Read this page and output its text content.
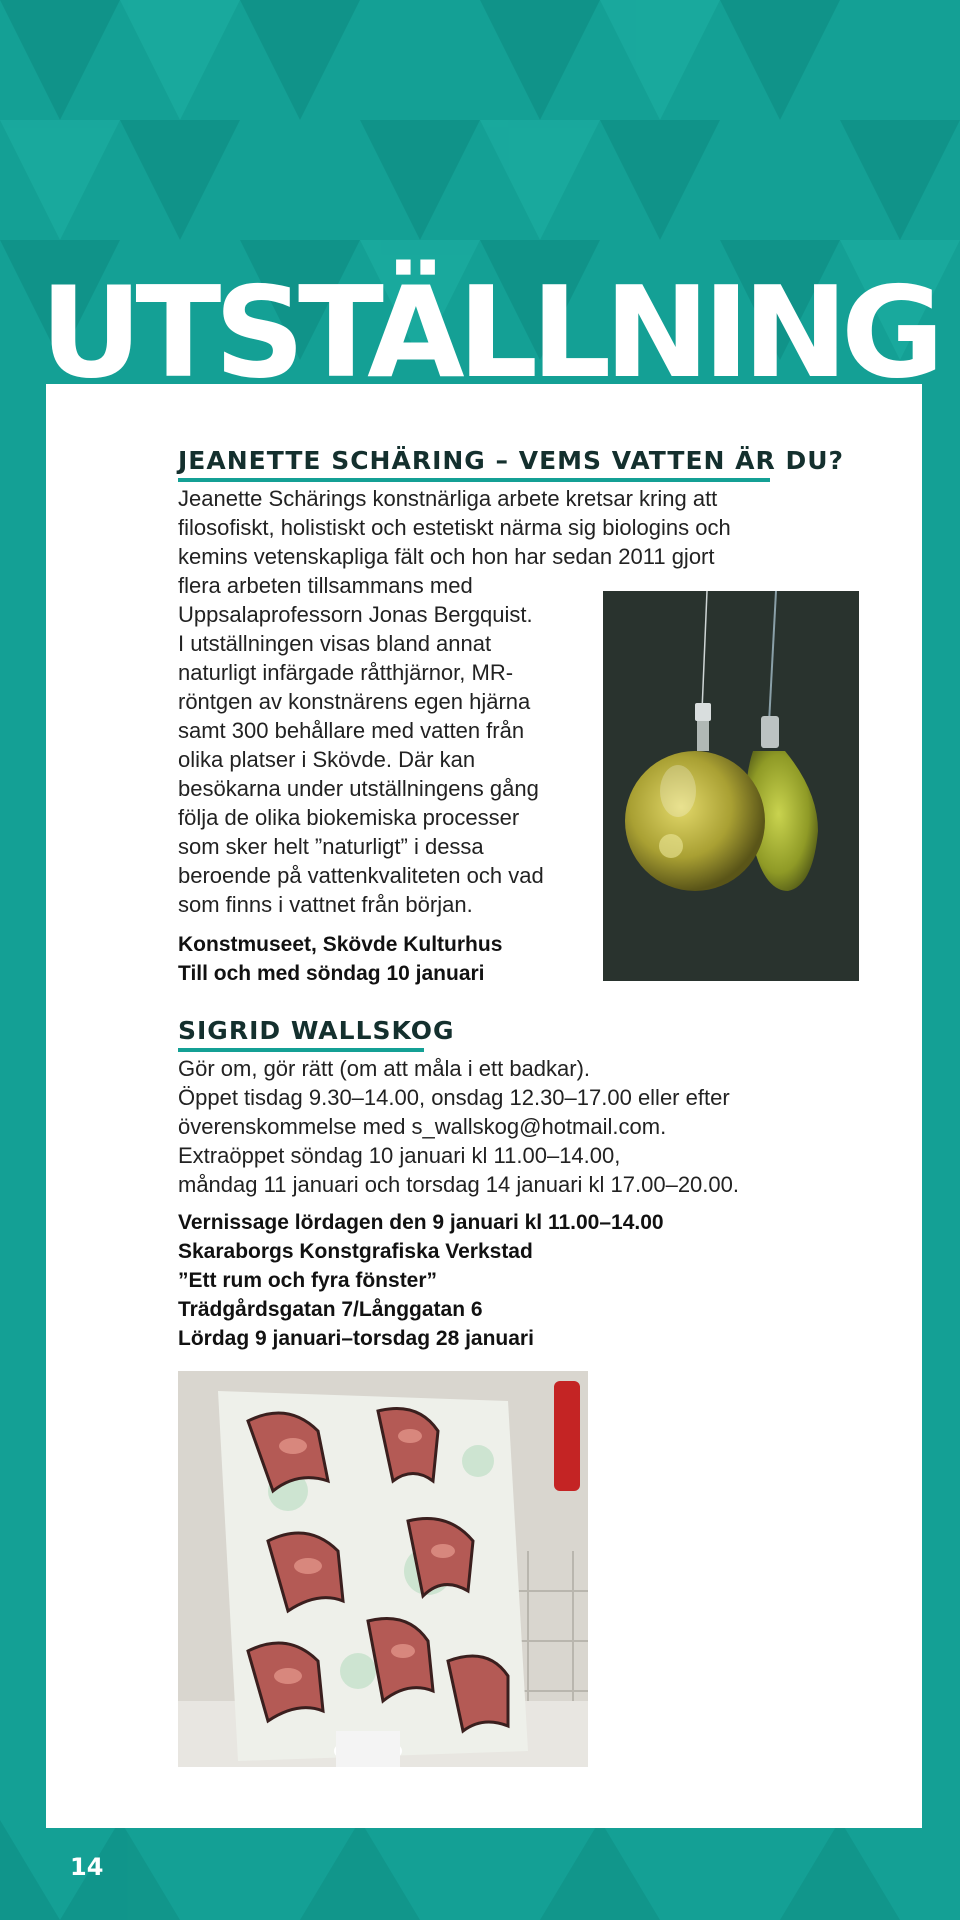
UTSTÄLLNING
JEANETTE SCHÄRING – VEMS VATTEN ÄR DU?

Jeanette Schärings konstnärliga arbete kretsar kring att
filosofiskt, holistiskt och estetiskt närma sig biologins och
kemins vetenskapliga fält och hon har sedan 2011 gjort
flera arbeten tillsammans med
Uppsalaprofessorn Jonas Bergquist.
I utställningen visas bland annat
naturligt infärgade råtthjärnor, MR-
röntgen av konstnärens egen hjärna
samt 300 behållare med vatten från
olika platser i Skövde. Där kan
besökarna under utställningens gång
följa de olika biokemiska processer
som sker helt ”naturligt” i dessa
beroende på vattenkvaliteten och vad
som finns i vattnet från början.

Konstmuseet, Skövde Kulturhus
Till och med söndag 10 januari

SIGRID WALLSKOG

Gör om, gör rätt (om att måla i ett badkar).
Öppet tisdag 9.30–14.00, onsdag 12.30–17.00 eller efter
överenskommelse med s_wallskog@hotmail.com.
Extraöppet söndag 10 januari kl 11.00–14.00,
måndag 11 januari och torsdag 14 januari kl 17.00–20.00.

Vernissage lördagen den 9 januari kl 11.00–14.00
Skaraborgs Konstgrafiska Verkstad
”Ett rum och fyra fönster”
Trädgårdsgatan 7/Långgatan 6
Lördag 9 januari–torsdag 28 januari

14
